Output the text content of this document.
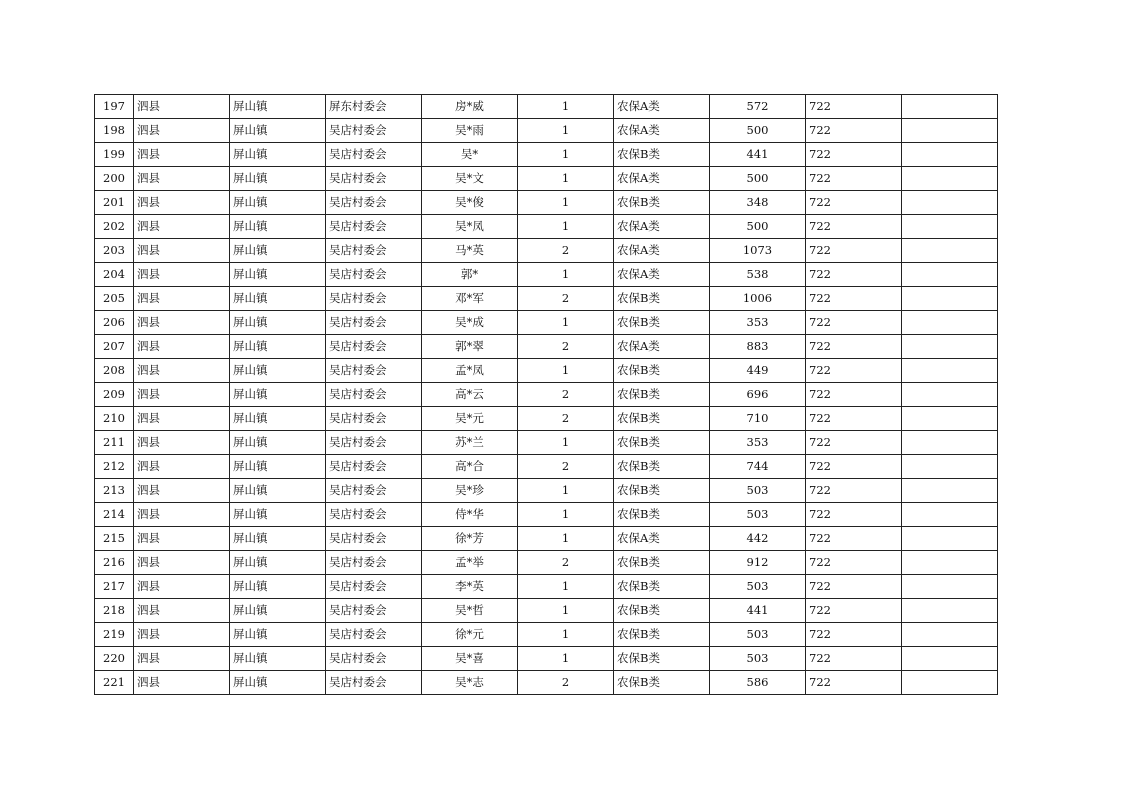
197	泗县	屏山镇	屏东村委会	房*威	1	农保A类	572	722	
198	泗县	屏山镇	吴店村委会	吴*雨	1	农保A类	500	722	
199	泗县	屏山镇	吴店村委会	吴*	1	农保B类	441	722	
200	泗县	屏山镇	吴店村委会	吴*文	1	农保A类	500	722	
201	泗县	屏山镇	吴店村委会	吴*俊	1	农保B类	348	722	
202	泗县	屏山镇	吴店村委会	吴*凤	1	农保A类	500	722	
203	泗县	屏山镇	吴店村委会	马*英	2	农保A类	1073	722	
204	泗县	屏山镇	吴店村委会	郭*	1	农保A类	538	722	
205	泗县	屏山镇	吴店村委会	邓*军	2	农保B类	1006	722	
206	泗县	屏山镇	吴店村委会	吴*成	1	农保B类	353	722	
207	泗县	屏山镇	吴店村委会	郭*翠	2	农保A类	883	722	
208	泗县	屏山镇	吴店村委会	孟*凤	1	农保B类	449	722	
209	泗县	屏山镇	吴店村委会	高*云	2	农保B类	696	722	
210	泗县	屏山镇	吴店村委会	吴*元	2	农保B类	710	722	
211	泗县	屏山镇	吴店村委会	苏*兰	1	农保B类	353	722	
212	泗县	屏山镇	吴店村委会	高*合	2	农保B类	744	722	
213	泗县	屏山镇	吴店村委会	吴*珍	1	农保B类	503	722	
214	泗县	屏山镇	吴店村委会	侍*华	1	农保B类	503	722	
215	泗县	屏山镇	吴店村委会	徐*芳	1	农保A类	442	722	
216	泗县	屏山镇	吴店村委会	孟*举	2	农保B类	912	722	
217	泗县	屏山镇	吴店村委会	李*英	1	农保B类	503	722	
218	泗县	屏山镇	吴店村委会	吴*哲	1	农保B类	441	722	
219	泗县	屏山镇	吴店村委会	徐*元	1	农保B类	503	722	
220	泗县	屏山镇	吴店村委会	吴*喜	1	农保B类	503	722	
221	泗县	屏山镇	吴店村委会	吴*志	2	农保B类	586	722	
